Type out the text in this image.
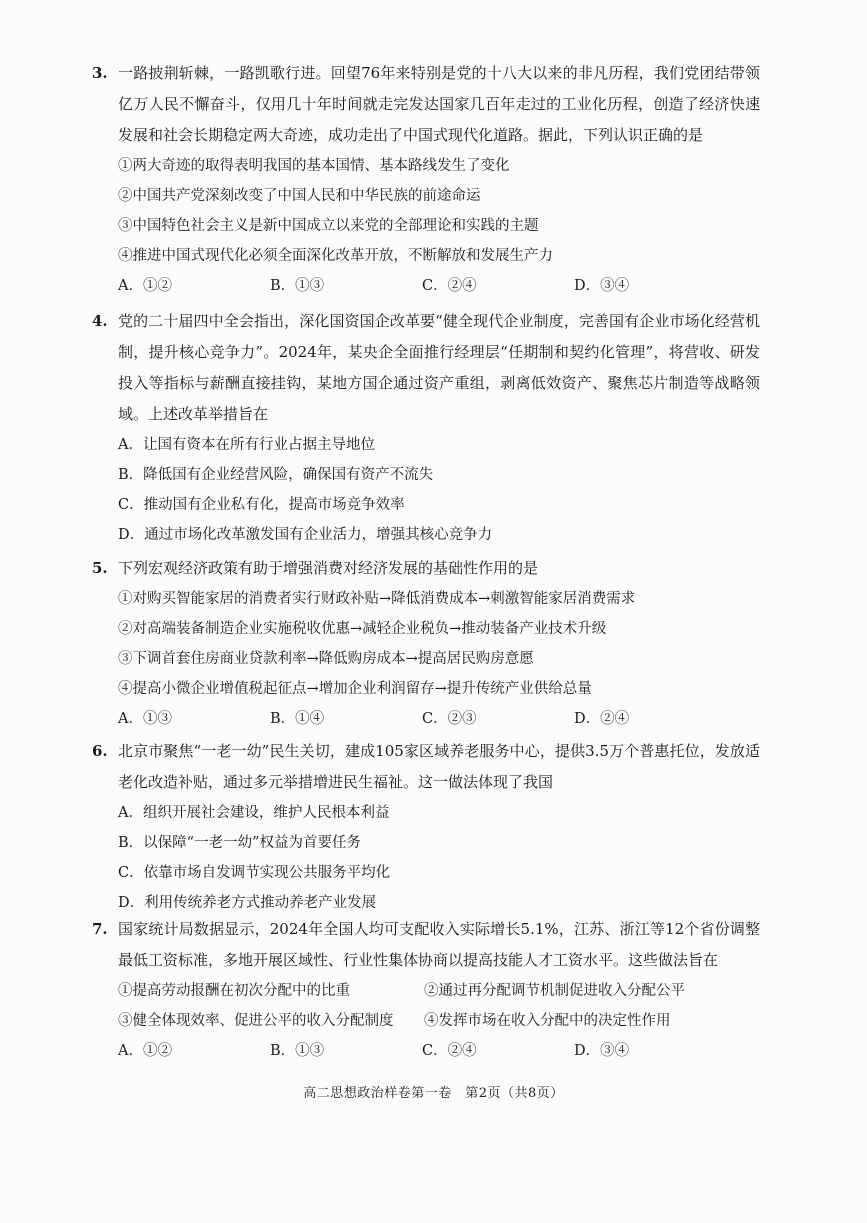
3. 一路披荆斩棘，一路凯歌行进。回望76年来特别是党的十八大以来的非凡历程，我们党团结带领亿万人民不懈奋斗，仅用几十年时间就走完发达国家几百年走过的工业化历程，创造了经济快速发展和社会长期稳定两大奇迹，成功走出了中国式现代化道路。据此，下列认识正确的是
①两大奇迹的取得表明我国的基本国情、基本路线发生了变化
②中国共产党深刻改变了中国人民和中华民族的前途命运
③中国特色社会主义是新中国成立以来党的全部理论和实践的主题
④推进中国式现代化必须全面深化改革开放，不断解放和发展生产力
A．①②	B．①③	C．②④	D．③④
4. 党的二十届四中全会指出，深化国资国企改革要“健全现代企业制度，完善国有企业市场化经营机制，提升核心竞争力”。2024年，某央企全面推行经理层“任期制和契约化管理”，将营收、研发投入等指标与薪酬直接挂钩，某地方国企通过资产重组，剥离低效资产、聚焦芯片制造等战略领域。上述改革举措旨在
A．让国有资本在所有行业占据主导地位
B．降低国有企业经营风险，确保国有资产不流失
C．推动国有企业私有化，提高市场竞争效率
D．通过市场化改革激发国有企业活力，增强其核心竞争力
5. 下列宏观经济政策有助于增强消费对经济发展的基础性作用的是
①对购买智能家居的消费者实行财政补贴→降低消费成本→刺激智能家居消费需求
②对高端装备制造企业实施税收优惠→减轻企业税负→推动装备产业技术升级
③下调首套住房商业贷款利率→降低购房成本→提高居民购房意愿
④提高小微企业增值税起征点→增加企业利润留存→提升传统产业供给总量
A．①③	B．①④	C．②③	D．②④
6. 北京市聚焦“一老一幼”民生关切，建成105家区域养老服务中心，提供3.5万个普惠托位，发放适老化改造补贴，通过多元举措增进民生福祉。这一做法体现了我国
A．组织开展社会建设，维护人民根本利益
B．以保障“一老一幼”权益为首要任务
C．依靠市场自发调节实现公共服务平均化
D．利用传统养老方式推动养老产业发展
7. 国家统计局数据显示，2024年全国人均可支配收入实际增长5.1%，江苏、浙江等12个省份调整最低工资标准，多地开展区域性、行业性集体协商以提高技能人才工资水平。这些做法旨在
①提高劳动报酬在初次分配中的比重	②通过再分配调节机制促进收入分配公平
③健全体现效率、促进公平的收入分配制度	④发挥市场在收入分配中的决定性作用
A．①②	B．①③	C．②④	D．③④
高二思想政治样卷第一卷　第2页（共8页）
